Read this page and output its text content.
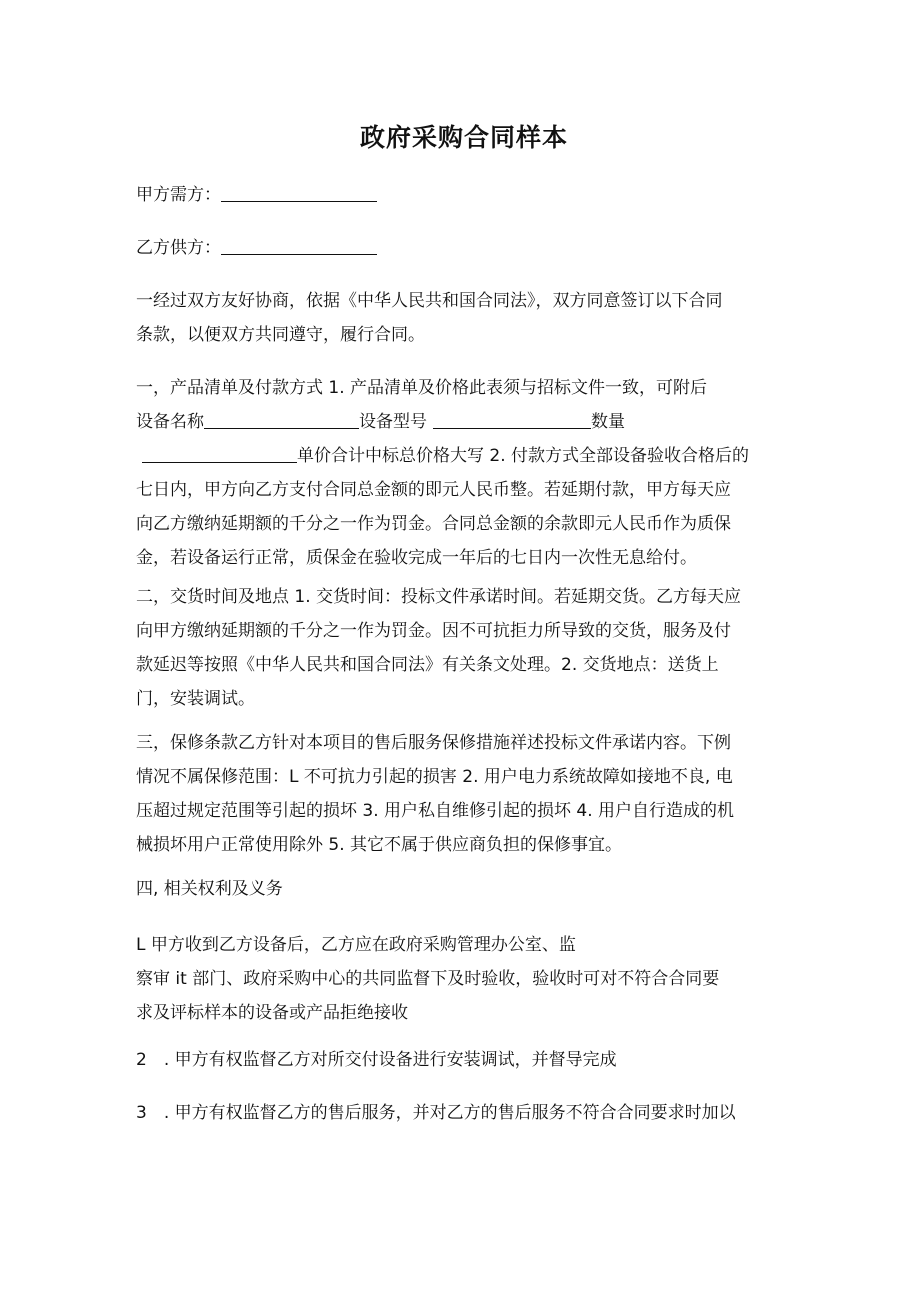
政府采购合同样本
甲方需方：
乙方供方：
一经过双方友好协商，依据《中华人民共和国合同法》，双方同意签订以下合同
条款，以便双方共同遵守，履行合同。
一，产品清单及付款方式 1. 产品清单及价格此表须与招标文件一致，可附后
设备名称	设备型号	数量
单价合计中标总价格大写 2. 付款方式全部设备验收合格后的
七日内，甲方向乙方支付合同总金额的即元人民币整。若延期付款，甲方每天应
向乙方缴纳延期额的千分之一作为罚金。合同总金额的余款即元人民币作为质保
金，若设备运行正常，质保金在验收完成一年后的七日内一次性无息给付。
二，交货时间及地点 1. 交货时间：投标文件承诺时间。若延期交货。乙方每天应
向甲方缴纳延期额的千分之一作为罚金。因不可抗拒力所导致的交货，服务及付
款延迟等按照《中华人民共和国合同法》有关条文处理。2. 交货地点：送货上
门，安装调试。
三，保修条款乙方针对本项目的售后服务保修措施祥述投标文件承诺内容。下例
情况不属保修范围：L 不可抗力引起的损害 2. 用户电力系统故障如接地不良, 电
压超过规定范围等引起的损坏 3. 用户私自维修引起的损坏 4. 用户自行造成的机
械损坏用户正常使用除外 5. 其它不属于供应商负担的保修事宜。
四, 相关权利及义务
L 甲方收到乙方设备后，乙方应在政府采购管理办公室、监
察审 it 部门、政府采购中心的共同监督下及时验收，验收时可对不符合合同要
求及评标样本的设备或产品拒绝接收
2　. 甲方有权监督乙方对所交付设备进行安装调试，并督导完成
3　. 甲方有权监督乙方的售后服务，并对乙方的售后服务不符合合同要求时加以
